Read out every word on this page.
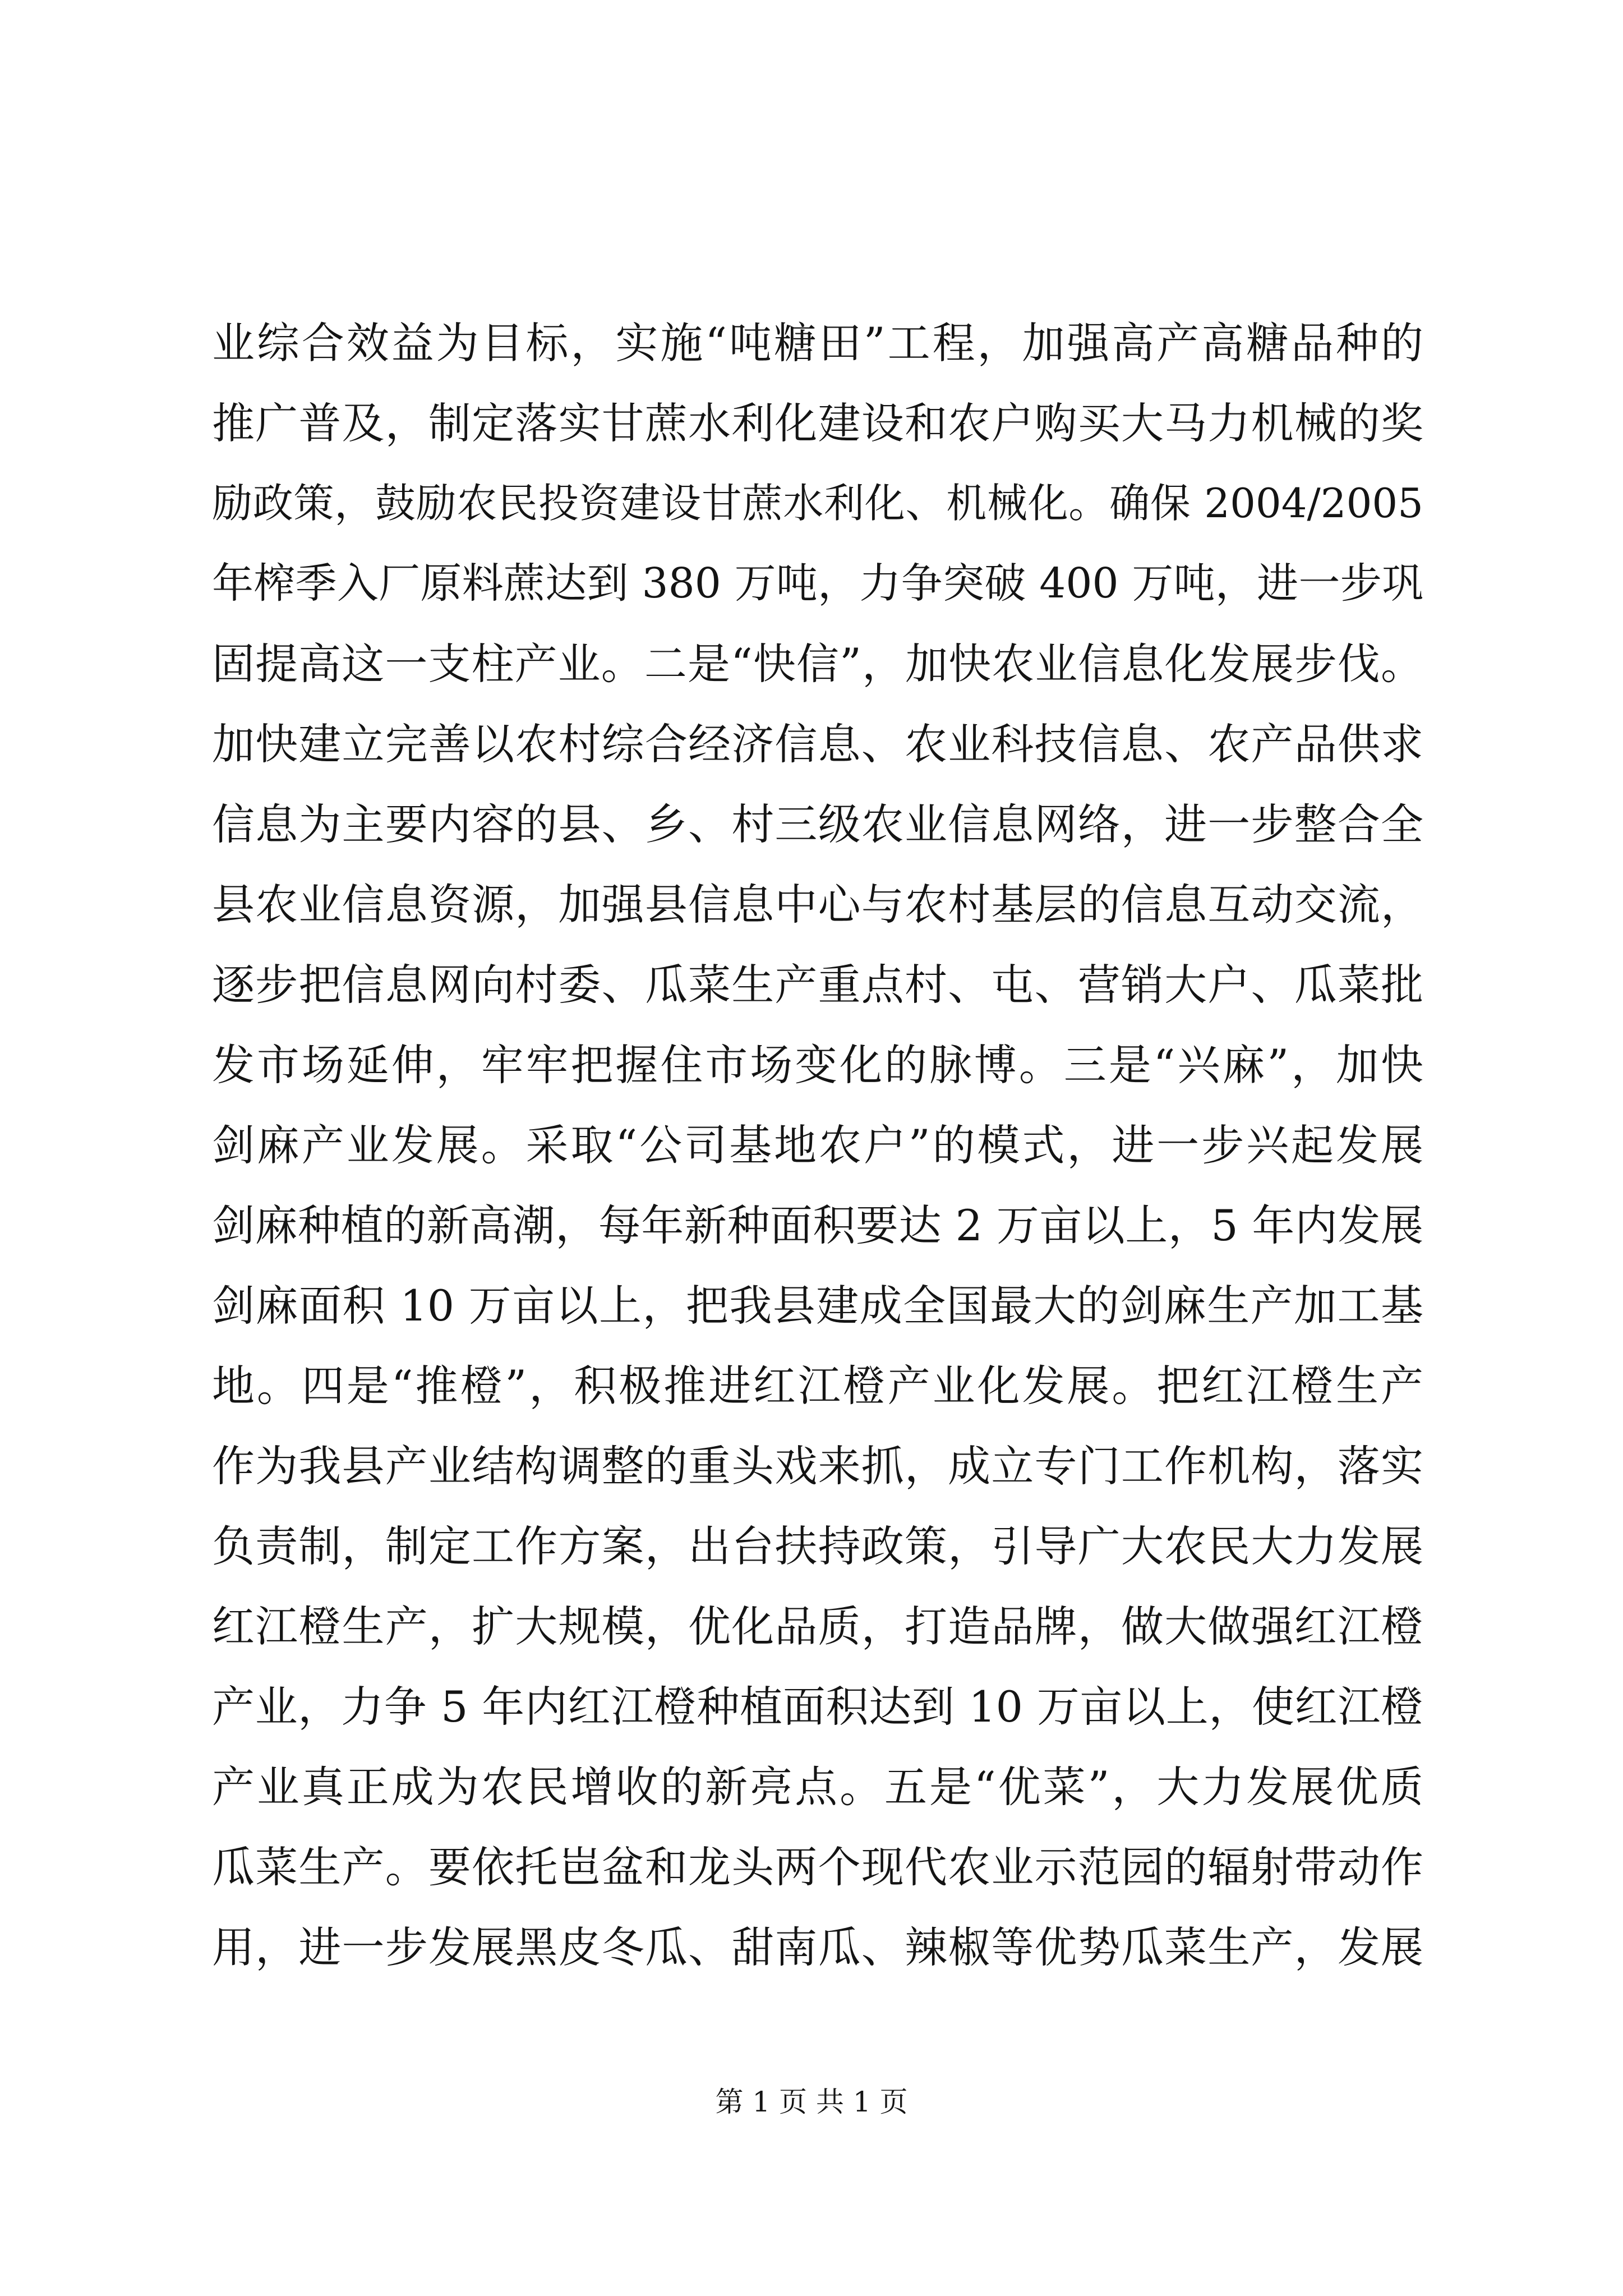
业综合效益为目标，实施“吨糖田”工程，加强高产高糖品种的
推广普及，制定落实甘蔗水利化建设和农户购买大马力机械的奖
励政策，鼓励农民投资建设甘蔗水利化、机械化。确保 2004/2005
年榨季入厂原料蔗达到 380 万吨，力争突破 400 万吨，进一步巩
固提高这一支柱产业。二是“快信”，加快农业信息化发展步伐。
加快建立完善以农村综合经济信息、农业科技信息、农产品供求
信息为主要内容的县、乡、村三级农业信息网络，进一步整合全
县农业信息资源，加强县信息中心与农村基层的信息互动交流，
逐步把信息网向村委、瓜菜生产重点村、屯、营销大户、瓜菜批
发市场延伸，牢牢把握住市场变化的脉博。三是“兴麻”，加快
剑麻产业发展。采取“公司基地农户”的模式，进一步兴起发展
剑麻种植的新高潮，每年新种面积要达 2 万亩以上，5 年内发展
剑麻面积 10 万亩以上，把我县建成全国最大的剑麻生产加工基
地。四是“推橙”，积极推进红江橙产业化发展。把红江橙生产
作为我县产业结构调整的重头戏来抓，成立专门工作机构，落实
负责制，制定工作方案，出台扶持政策，引导广大农民大力发展
红江橙生产，扩大规模，优化品质，打造品牌，做大做强红江橙
产业，力争 5 年内红江橙种植面积达到 10 万亩以上，使红江橙
产业真正成为农民增收的新亮点。五是“优菜”，大力发展优质
瓜菜生产。要依托岜盆和龙头两个现代农业示范园的辐射带动作
用，进一步发展黑皮冬瓜、甜南瓜、辣椒等优势瓜菜生产，发展
第 1 页 共 1 页
